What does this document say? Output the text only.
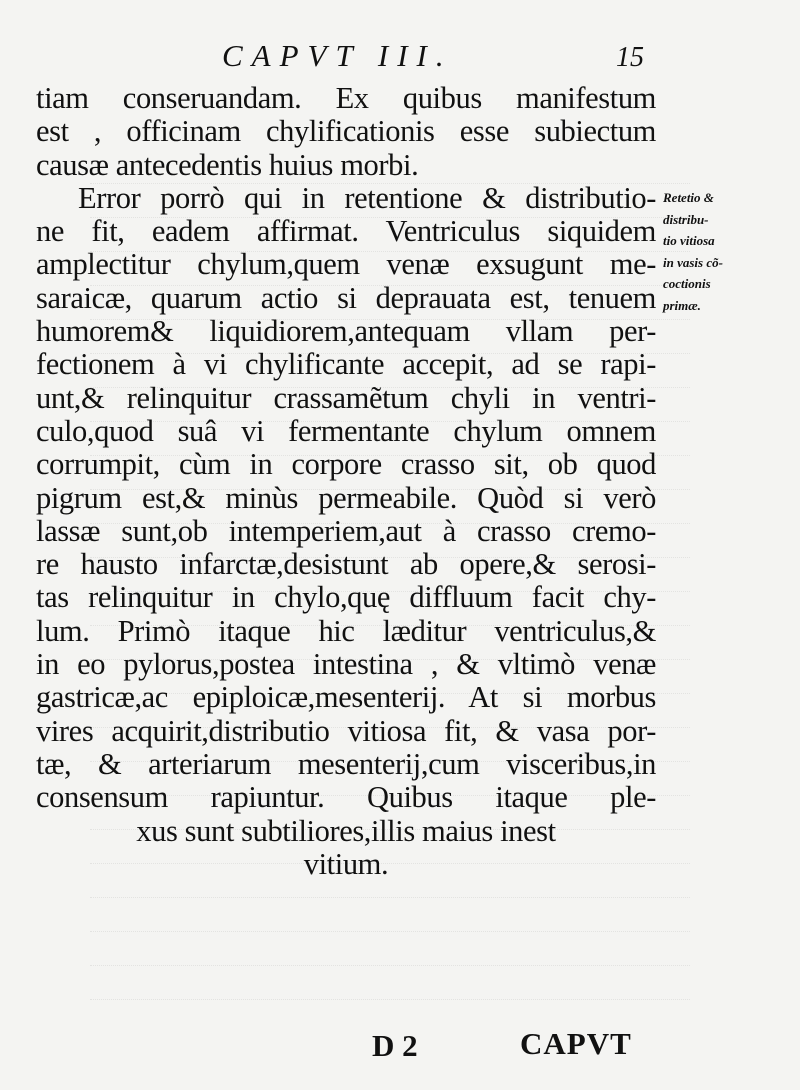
CAPVT III.	15
tiam conseruandam. Ex quibus manifestum
est , officinam chylificationis esse subiectum
causæ antecedentis huius morbi.
Error porrò qui in retentione & distributio-
ne fit, eadem affirmat. Ventriculus siquidem
amplectitur chylum,quem venæ exsugunt me-
saraicæ, quarum actio si deprauata est, tenuem
humorem& liquidiorem,antequam vllam per-
fectionem à vi chylificante accepit, ad se rapi-
unt,& relinquitur crassamẽtum chyli in ventri-
culo,quod suâ vi fermentante chylum omnem
corrumpit, cùm in corpore crasso sit, ob quod
pigrum est,& minùs permeabile. Quòd si verò
lassæ sunt,ob intemperiem,aut à crasso cremo-
re hausto infarctæ,desistunt ab opere,& serosi-
tas relinquitur in chylo,quę diffluum facit chy-
lum. Primò itaque hic læditur ventriculus,&
in eo pylorus,postea intestina , & vltimò venæ
gastricæ,ac epiploicæ,mesenterij. At si morbus
vires acquirit,distributio vitiosa fit, & vasa por-
tæ, & arteriarum mesenterij,cum visceribus,in
consensum rapiuntur. Quibus itaque ple-
xus sunt subtiliores,illis maius inest
vitium.
Retetio &
distribu-
tio vitiosa
in vasis cõ-
coctionis
primæ.
D 2	CAPVT
